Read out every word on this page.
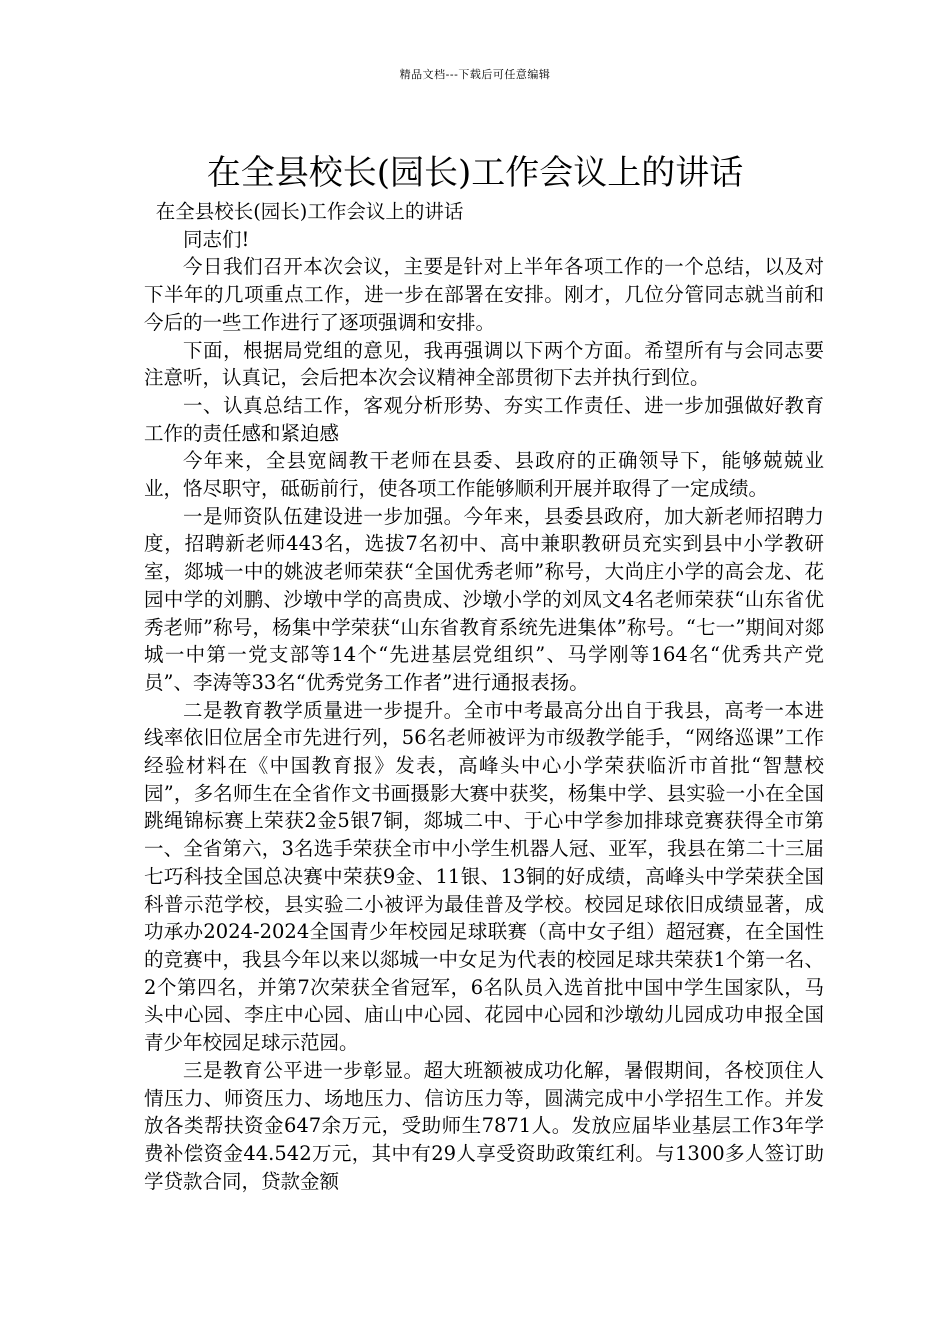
精品文档---下载后可任意编辑
在全县校长(园长)工作会议上的讲话

在全县校长(园长)工作会议上的讲话

同志们!

今日我们召开本次会议，主要是针对上半年各项工作的一个总结，以及对下半年的几项重点工作，进一步在部署在安排。刚才，几位分管同志就当前和今后的一些工作进行了逐项强调和安排。

下面，根据局党组的意见，我再强调以下两个方面。希望所有与会同志要注意听，认真记，会后把本次会议精神全部贯彻下去并执行到位。

一、认真总结工作，客观分析形势、夯实工作责任、进一步加强做好教育工作的责任感和紧迫感

今年来，全县宽阔教干老师在县委、县政府的正确领导下，能够兢兢业业，恪尽职守，砥砺前行，使各项工作能够顺利开展并取得了一定成绩。

一是师资队伍建设进一步加强。今年来，县委县政府，加大新老师招聘力度，招聘新老师443名，选拔7名初中、高中兼职教研员充实到县中小学教研室，郯城一中的姚波老师荣获“全国优秀老师”称号，大尚庄小学的高会龙、花园中学的刘鹏、沙墩中学的高贵成、沙墩小学的刘凤文4名老师荣获“山东省优秀老师”称号，杨集中学荣获“山东省教育系统先进集体”称号。“七一”期间对郯城一中第一党支部等14个“先进基层党组织”、马学刚等164名“优秀共产党员”、李涛等33名“优秀党务工作者”进行通报表扬。

二是教育教学质量进一步提升。全市中考最高分出自于我县，高考一本进线率依旧位居全市先进行列，56名老师被评为市级教学能手，“网络巡课”工作经验材料在《中国教育报》发表，高峰头中心小学荣获临沂市首批“智慧校园”，多名师生在全省作文书画摄影大赛中获奖，杨集中学、县实验一小在全国跳绳锦标赛上荣获2金5银7铜，郯城二中、于心中学参加排球竞赛获得全市第一、全省第六，3名选手荣获全市中小学生机器人冠、亚军，我县在第二十三届七巧科技全国总决赛中荣获9金、11银、13铜的好成绩，高峰头中学荣获全国科普示范学校，县实验二小被评为最佳普及学校。校园足球依旧成绩显著，成功承办2024-2024全国青少年校园足球联赛（高中女子组）超冠赛，在全国性的竞赛中，我县今年以来以郯城一中女足为代表的校园足球共荣获1个第一名、2个第四名，并第7次荣获全省冠军，6名队员入选首批中国中学生国家队，马头中心园、李庄中心园、庙山中心园、花园中心园和沙墩幼儿园成功申报全国青少年校园足球示范园。

三是教育公平进一步彰显。超大班额被成功化解，暑假期间，各校顶住人情压力、师资压力、场地压力、信访压力等，圆满完成中小学招生工作。并发放各类帮扶资金647余万元，受助师生7871人。发放应届毕业基层工作3年学费补偿资金44.542万元，其中有29人享受资助政策红利。与1300多人签订助学贷款合同，贷款金额
